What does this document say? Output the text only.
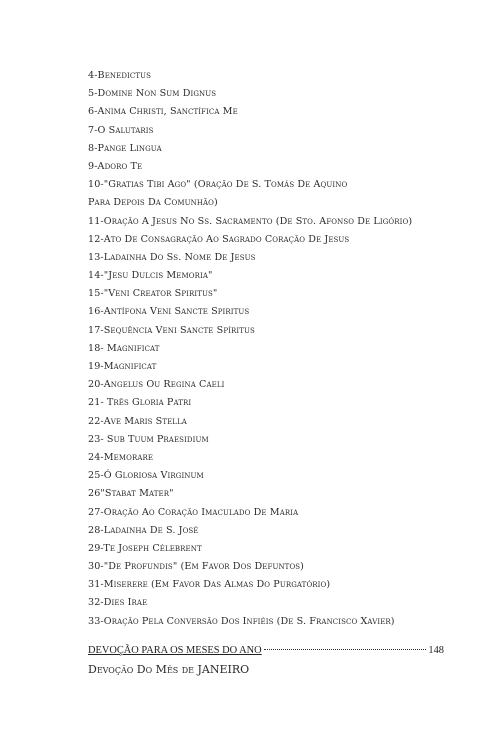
4-Benedictus
5-Domine Non Sum Dignus
6-Anima Christi, Sanctífica Me
7-O Salutaris
8-Pange Lingua
9-Adoro Te
10-"Gratias Tibi Ago" (Oração De S. Tomás De Aquino
Para Depois Da Comunhão)
11-Oração A Jesus No Ss. Sacramento (De Sto. Afonso De Ligório)
12-Ato De Consagração Ao Sagrado Coração De Jesus
13-Ladainha Do Ss. Nome De Jesus
14-"Jesu Dulcis Memoria"
15-"Veni Creator Spiritus"
16-Antífona Veni Sancte Spiritus
17-Sequência Veni Sancte Spíritus
18- Magnificat
19-Magnificat
20-Angelus Ou Regina Caeli
21- Três Gloria Patri
22-Ave Maris Stella
23- Sub Tuum Praesidium
24-Memorare
25-Ó Gloriosa Virginum
26"Stabat Mater"
27-Oração Ao Coração Imaculado De Maria
28-Ladainha De S. José
29-Te Joseph Célebrent
30-"De Profundis" (Em Favor Dos Defuntos)
31-Miserere (Em Favor Das Almas Do Purgatório)
32-Dies Irae
33-Oração Pela Conversão Dos Infiéis (De S. Francisco Xavier)
DEVOÇÃO PARA OS MESES DO ANO	148
Devoção Do Mês de JANEIRO
